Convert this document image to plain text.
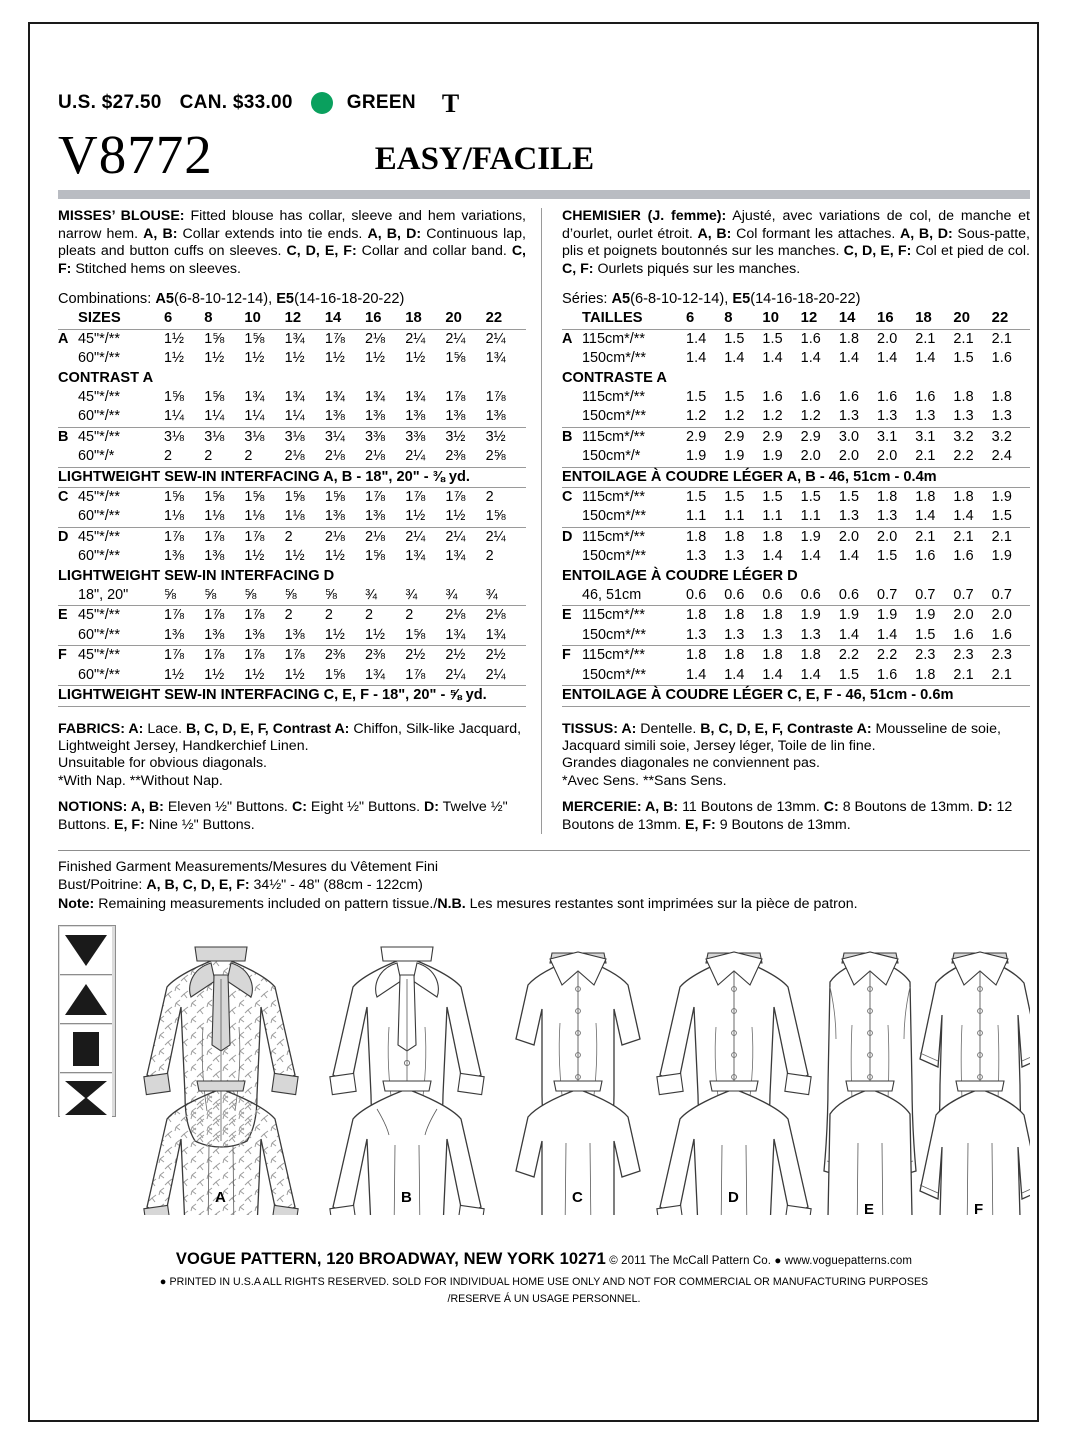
U.S. $27.50 CAN. $33.00	GREEN T
V8772	EASY/FACILE
MISSES’ BLOUSE: Fitted blouse has collar, sleeve and hem variations, narrow hem. A, B: Collar extends into tie ends. A, B, D: Continuous lap, pleats and button cuffs on sleeves. C, D, E, F: Collar and collar band. C, F: Stitched hems on sleeves.
Combinations: A5(6-8-10-12-14), E5(14-16-18-20-22)
	SIZES	6	8	10	12	14	16	18	20	22
A	45"*/**	1½	1⅝	1⅝	1¾	1⅞	2⅛	2¼	2¼	2¼
	60"*/**	1½	1½	1½	1½	1½	1½	1½	1⅝	1¾
CONTRAST A										
	45"*/**	1⅝	1⅝	1¾	1¾	1¾	1¾	1¾	1⅞	1⅞
	60"*/**	1¼	1¼	1¼	1¼	1⅜	1⅜	1⅜	1⅜	1⅜
B	45"*/**	3⅛	3⅛	3⅛	3⅛	3¼	3⅜	3⅜	3½	3½
	60"*/*	2	2	2	2⅛	2⅛	2⅛	2¼	2⅜	2⅝
LIGHTWEIGHT SEW-IN INTERFACING A, B - 18", 20" - ⅜ yd.										
C	45"*/**	1⅝	1⅝	1⅝	1⅝	1⅝	1⅞	1⅞	1⅞	2
	60"*/**	1⅛	1⅛	1⅛	1⅛	1⅜	1⅜	1½	1½	1⅝
D	45"*/**	1⅞	1⅞	1⅞	2	2⅛	2⅛	2¼	2¼	2¼
	60"*/**	1⅜	1⅜	1½	1½	1½	1⅝	1¾	1¾	2
LIGHTWEIGHT SEW-IN INTERFACING D										
	18", 20"	⅝	⅝	⅝	⅝	⅝	¾	¾	¾	¾
E	45"*/**	1⅞	1⅞	1⅞	2	2	2	2	2⅛	2⅛
	60"*/**	1⅜	1⅜	1⅜	1⅜	1½	1½	1⅝	1¾	1¾
F	45"*/**	1⅞	1⅞	1⅞	1⅞	2⅜	2⅜	2½	2½	2½
	60"*/**	1½	1½	1½	1½	1⅝	1¾	1⅞	2¼	2¼
LIGHTWEIGHT SEW-IN INTERFACING C, E, F - 18", 20" - ⅝ yd.										

FABRICS: A: Lace. B, C, D, E, F, Contrast A: Chiffon, Silk-like Jacquard, Lightweight Jersey, Handkerchief Linen.
Unsuitable for obvious diagonals.
*With Nap. **Without Nap.

NOTIONS: A, B: Eleven ½" Buttons. C: Eight ½" Buttons. D: Twelve ½" Buttons. E, F: Nine ½" Buttons.

CHEMISIER (J. femme): Ajusté, avec variations de col, de manche et d’ourlet, ourlet étroit. A, B: Col formant les attaches. A, B, D: Sous-patte, plis et poignets boutonnés sur les manches. C, D, E, F: Col et pied de col. C, F: Ourlets piqués sur les manches.
Séries: A5(6-8-10-12-14), E5(14-16-18-20-22)
	TAILLES	6	8	10	12	14	16	18	20	22
A	115cm*/**	1.4	1.5	1.5	1.6	1.8	2.0	2.1	2.1	2.1
	150cm*/**	1.4	1.4	1.4	1.4	1.4	1.4	1.4	1.5	1.6
CONTRASTE A										
	115cm*/**	1.5	1.5	1.6	1.6	1.6	1.6	1.6	1.8	1.8
	150cm*/**	1.2	1.2	1.2	1.2	1.3	1.3	1.3	1.3	1.3
B	115cm*/**	2.9	2.9	2.9	2.9	3.0	3.1	3.1	3.2	3.2
	150cm*/*	1.9	1.9	1.9	2.0	2.0	2.0	2.1	2.2	2.4
ENTOILAGE À COUDRE LÉGER A, B - 46, 51cm - 0.4m										
C	115cm*/**	1.5	1.5	1.5	1.5	1.5	1.8	1.8	1.8	1.9
	150cm*/**	1.1	1.1	1.1	1.1	1.3	1.3	1.4	1.4	1.5
D	115cm*/**	1.8	1.8	1.8	1.9	2.0	2.0	2.1	2.1	2.1
	150cm*/**	1.3	1.3	1.4	1.4	1.4	1.5	1.6	1.6	1.9
ENTOILAGE À COUDRE LÉGER D										
	46, 51cm	0.6	0.6	0.6	0.6	0.6	0.7	0.7	0.7	0.7
E	115cm*/**	1.8	1.8	1.8	1.9	1.9	1.9	1.9	2.0	2.0
	150cm*/**	1.3	1.3	1.3	1.3	1.4	1.4	1.5	1.6	1.6
F	115cm*/**	1.8	1.8	1.8	1.8	2.2	2.2	2.3	2.3	2.3
	150cm*/**	1.4	1.4	1.4	1.4	1.5	1.6	1.8	2.1	2.1
ENTOILAGE À COUDRE LÉGER C, E, F - 46, 51cm - 0.6m										

TISSUS: A: Dentelle. B, C, D, E, F, Contraste A: Mousseline de soie, Jacquard simili soie, Jersey léger, Toile de lin fine.
Grandes diagonales ne conviennent pas.
*Avec Sens. **Sans Sens.

MERCERIE: A, B: 11 Boutons de 13mm. C: 8 Boutons de 13mm. D: 12 Boutons de 13mm. E, F: 9 Boutons de 13mm.

Finished Garment Measurements/Mesures du Vêtement Fini
Bust/Poitrine: A, B, C, D, E, F: 34½" - 48" (88cm - 122cm)
Note: Remaining measurements included on pattern tissue./N.B. Les mesures restantes sont imprimées sur la pièce de patron.
A	B	C	D
E	F
VOGUE PATTERN, 120 BROADWAY, NEW YORK 10271 © 2011 The McCall Pattern Co. ● www.voguepatterns.com
● PRINTED IN U.S.A ALL RIGHTS RESERVED. SOLD FOR INDIVIDUAL HOME USE ONLY AND NOT FOR COMMERCIAL OR MANUFACTURING PURPOSES
/RESERVE Á UN USAGE PERSONNEL.
